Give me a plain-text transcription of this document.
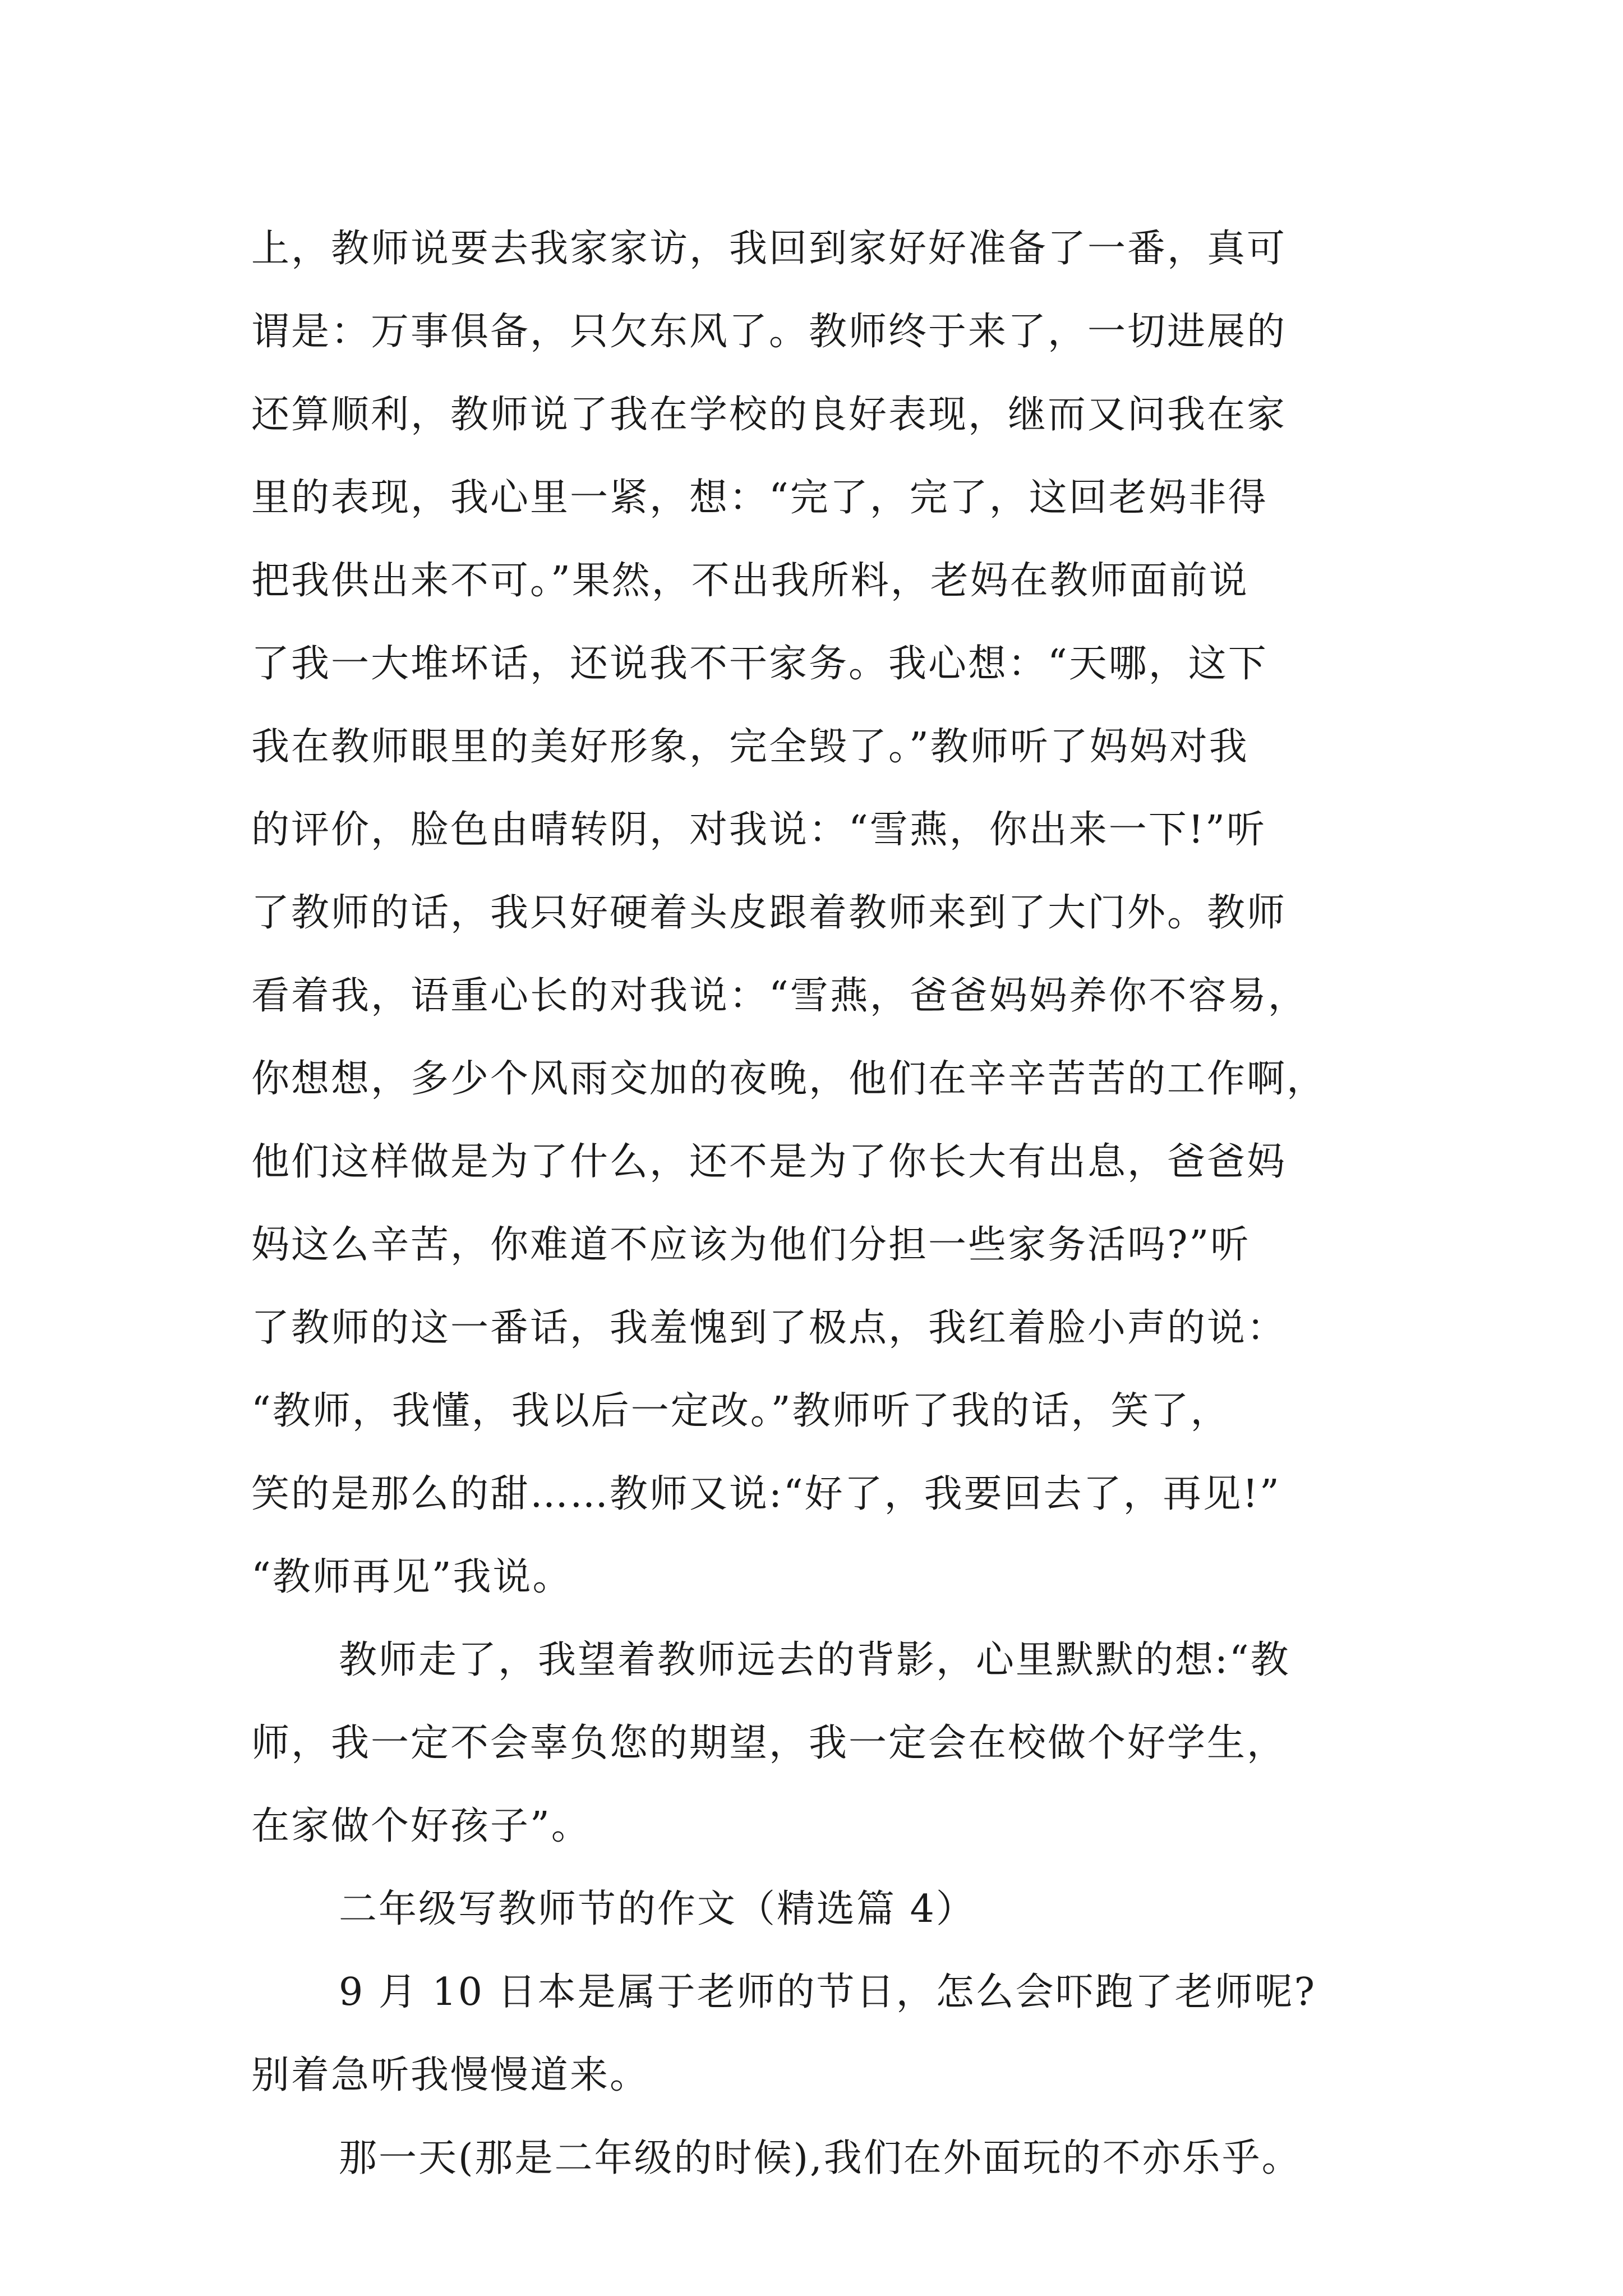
上，教师说要去我家家访，我回到家好好准备了一番，真可
谓是：万事俱备，只欠东风了。教师终于来了，一切进展的
还算顺利，教师说了我在学校的良好表现，继而又问我在家
里的表现，我心里一紧，想：“完了，完了，这回老妈非得
把我供出来不可。”果然，不出我所料，老妈在教师面前说
了我一大堆坏话，还说我不干家务。我心想：“天哪，这下
我在教师眼里的美好形象，完全毁了。”教师听了妈妈对我
的评价，脸色由晴转阴，对我说：“雪燕，你出来一下!”听
了教师的话，我只好硬着头皮跟着教师来到了大门外。教师
看着我，语重心长的对我说：“雪燕，爸爸妈妈养你不容易，
你想想，多少个风雨交加的夜晚，他们在辛辛苦苦的工作啊，
他们这样做是为了什么，还不是为了你长大有出息，爸爸妈
妈这么辛苦，你难道不应该为他们分担一些家务活吗?”听
了教师的这一番话，我羞愧到了极点，我红着脸小声的说：
“教师，我懂，我以后一定改。”教师听了我的话，笑了，
笑的是那么的甜……教师又说:“好了，我要回去了，再见!”
“教师再见”我说。
教师走了，我望着教师远去的背影，心里默默的想:“教
师，我一定不会辜负您的期望，我一定会在校做个好学生，
在家做个好孩子”。
二年级写教师节的作文（精选篇 4）
9 月 10 日本是属于老师的节日，怎么会吓跑了老师呢?
别着急听我慢慢道来。
那一天(那是二年级的时候),我们在外面玩的不亦乐乎。
